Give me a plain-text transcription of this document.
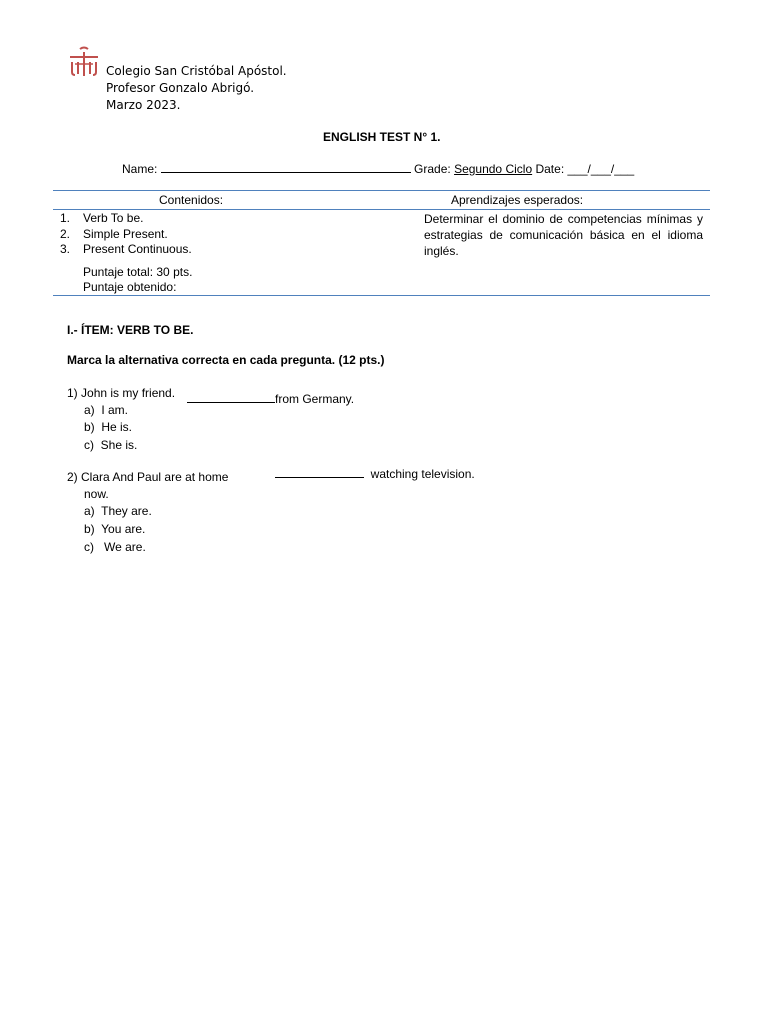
Colegio San Cristóbal Apóstol.
Profesor Gonzalo Abrigó.
Marzo 2023.
ENGLISH TEST N° 1.
Name:	Grade: Segundo Ciclo Date: ___/___/___
Contenidos:	Aprendizajes esperados:
1. Verb To be.
2. Simple Present.
3. Present Continuous.
Determinar el dominio de competencias mínimas y estrategias de comunicación básica en el idioma inglés.
Puntaje total: 30 pts.
Puntaje obtenido:
I.- ÍTEM: VERB TO BE.
Marca la alternativa correcta en cada pregunta. (12 pts.)
1) John is my friend.	from Germany.
a) I am.
b) He is.
c) She is.
2) Clara And Paul are at home
now.
watching television.
a) They are.
b) You are.
c) We are.
